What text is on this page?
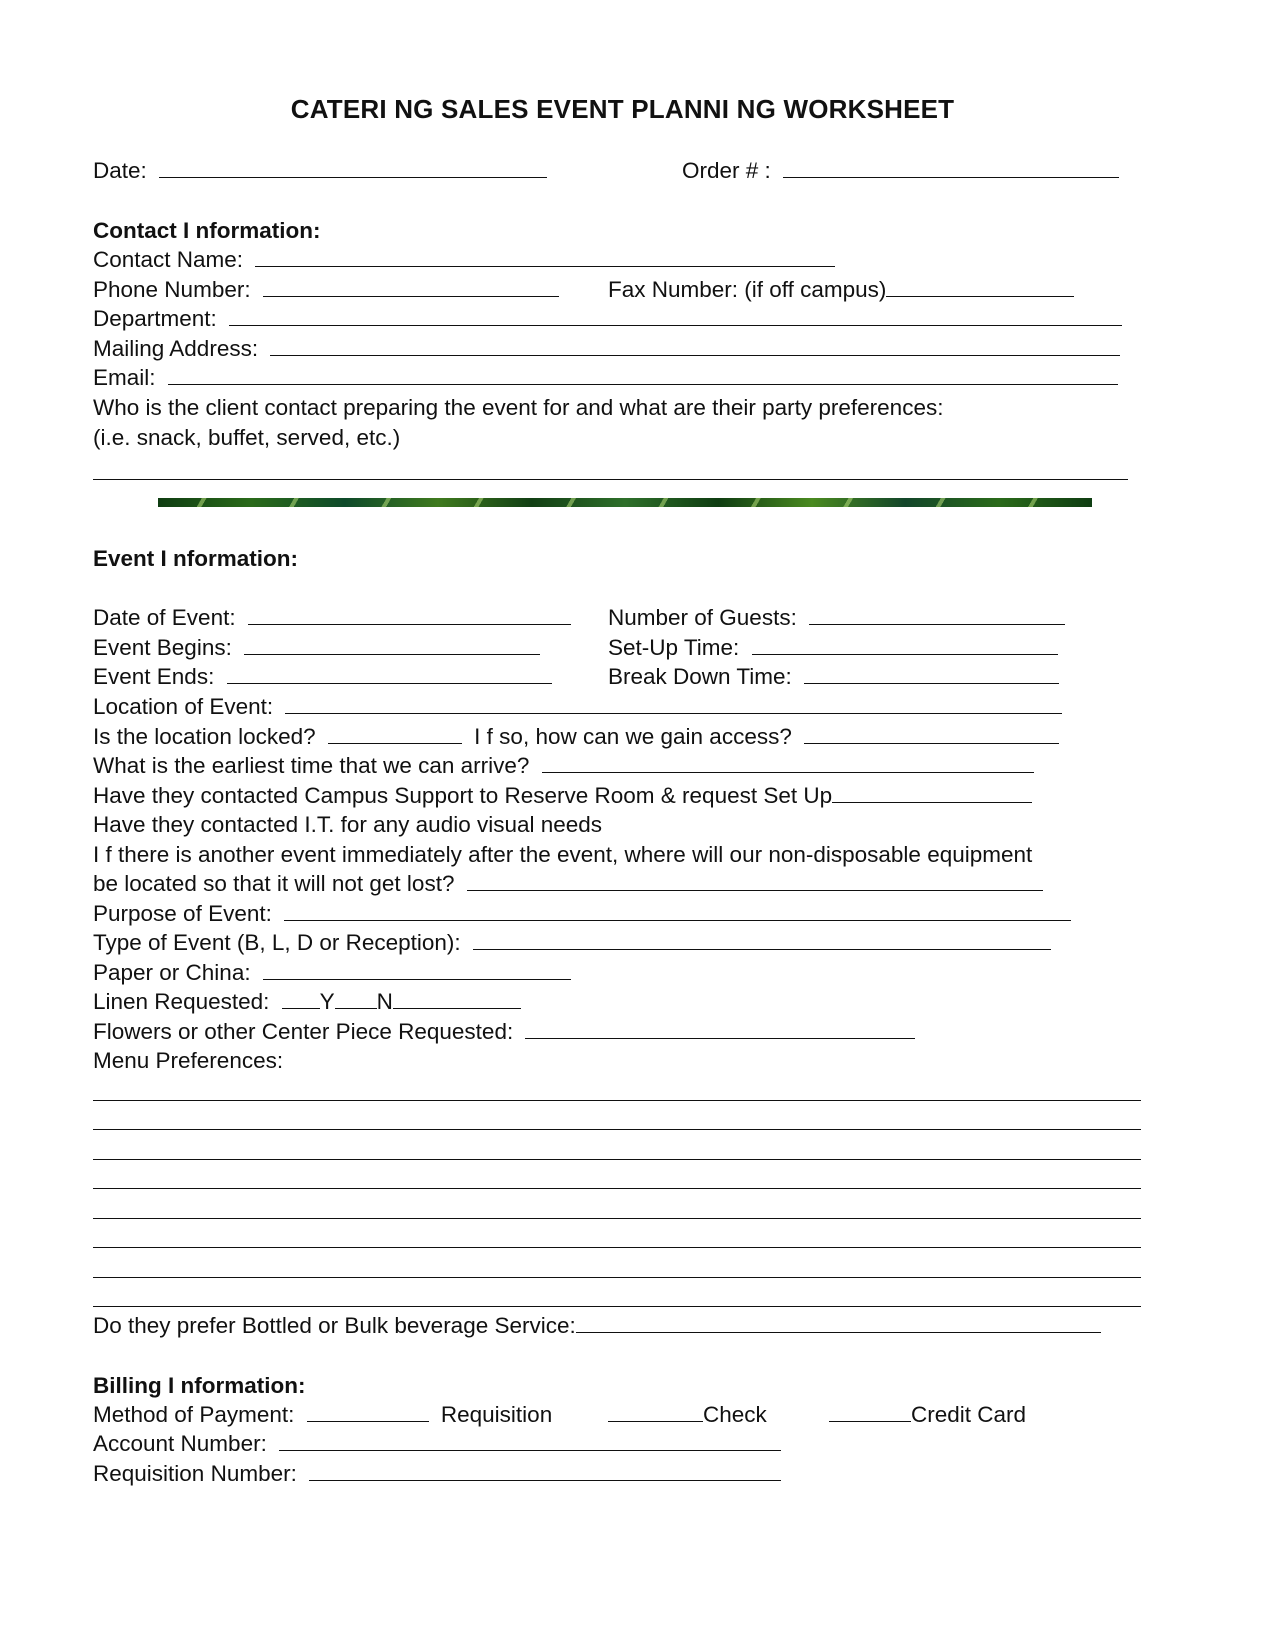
CATERI NG SALES EVENT PLANNI NG WORKSHEET
Date:	Order # :
Contact I nformation:
Contact Name:
Phone Number:	Fax Number: (if off campus)
Department:
Mailing Address:
Email:
Who is the client contact preparing the event for and what are their party preferences:
(i.e. snack, buffet, served, etc.)
Event I nformation:
Date of Event:	Number of Guests:
Event Begins:	Set-Up Time:
Event Ends:	Break Down Time:
Location of Event:
Is the location locked?	I f so, how can we gain access?
What is the earliest time that we can arrive?
Have they contacted Campus Support to Reserve Room & request Set Up
Have they contacted I.T. for any audio visual needs
I f there is another event immediately after the event, where will our non-disposable equipment
be located so that it will not get lost?
Purpose of Event:
Type of Event (B, L, D or Reception):
Paper or China:
Linen Requested: Y N
Flowers or other Center Piece Requested:
Menu Preferences:
Do they prefer Bottled or Bulk beverage Service:
Billing I nformation:
Method of Payment:	Requisition	Check	Credit Card
Account Number:
Requisition Number:
